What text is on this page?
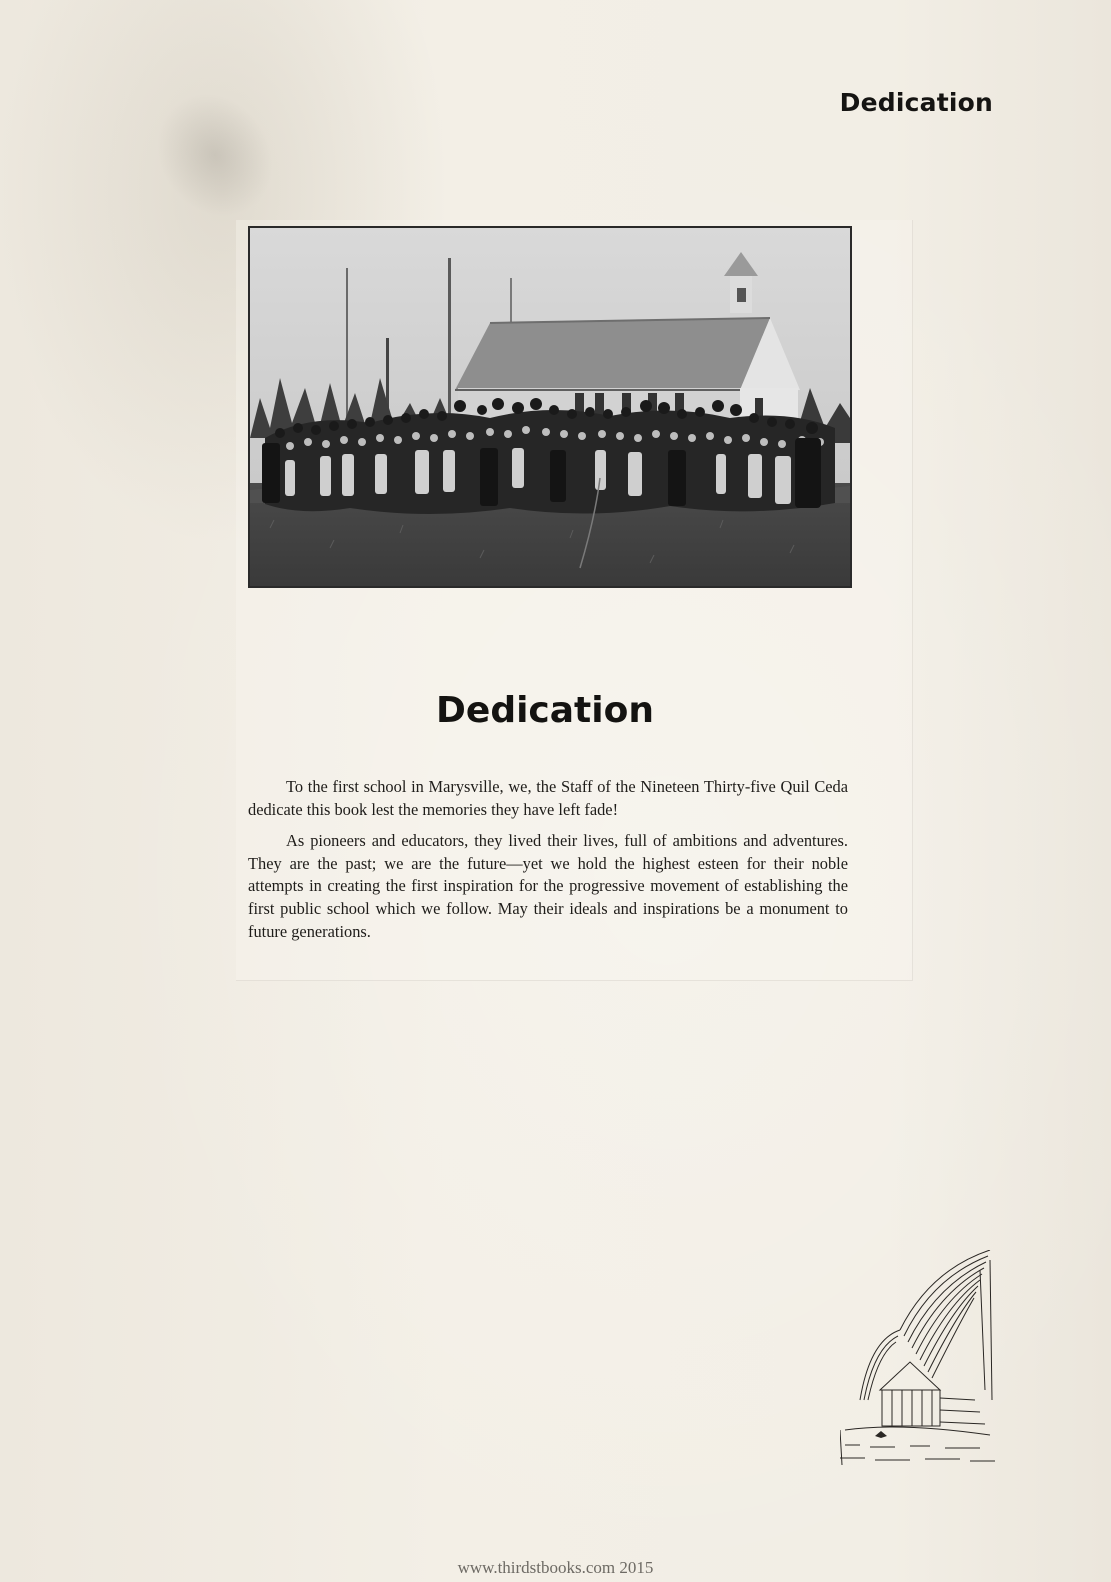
Dedication
Dedication

To the first school in Marysville, we, the Staff of the Nineteen Thirty-five Quil Ceda dedicate this book lest the memories they have left fade!

As pioneers and educators, they lived their lives, full of ambitions and adventures. They are the past; we are the future—yet we hold the highest esteen for their noble attempts in creating the first inspiration for the progressive movement of establishing the first public school which we follow. May their ideals and inspirations be a monument to future generations.

www.thirdstbooks.com 2015
